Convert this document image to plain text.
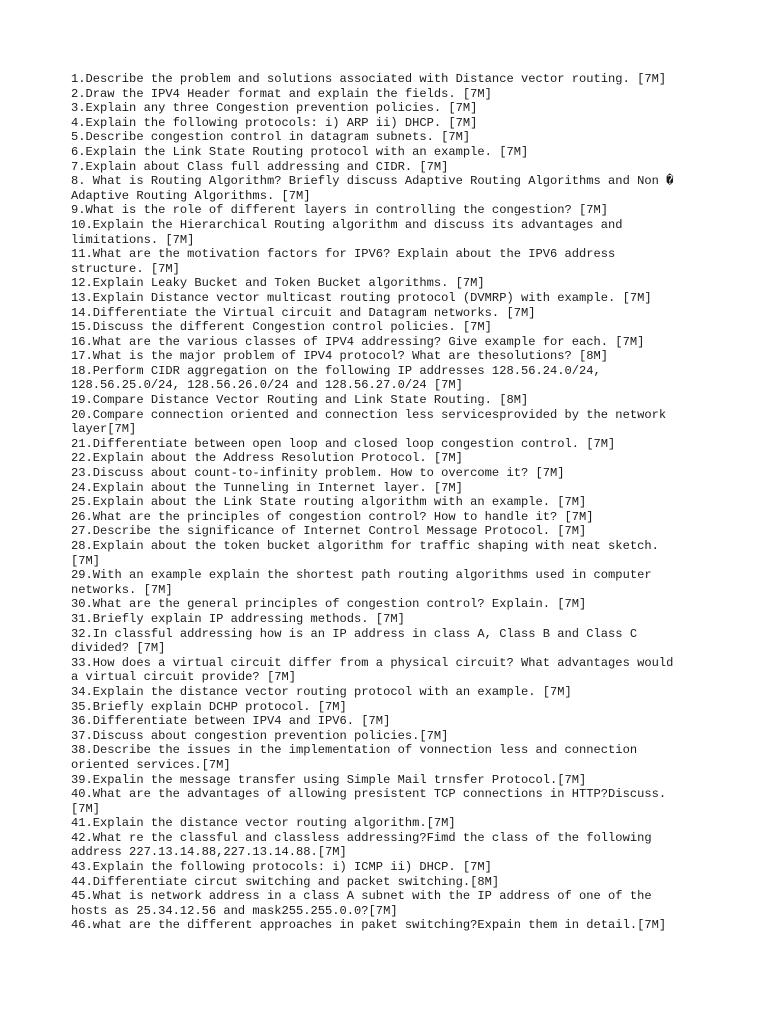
1.Describe the problem and solutions associated with Distance vector routing. [7M]
2.Draw the IPV4 Header format and explain the fields. [7M]
3.Explain any three Congestion prevention policies. [7M]
4.Explain the following protocols: i) ARP ii) DHCP. [7M]
5.Describe congestion control in datagram subnets. [7M]
6.Explain the Link State Routing protocol with an example. [7M]
7.Explain about Class full addressing and CIDR. [7M]
8. What is Routing Algorithm? Briefly discuss Adaptive Routing Algorithms and Non �
Adaptive Routing Algorithms. [7M]
9.What is the role of different layers in controlling the congestion? [7M]
10.Explain the Hierarchical Routing algorithm and discuss its advantages and
limitations. [7M]
11.What are the motivation factors for IPV6? Explain about the IPV6 address
structure. [7M]
12.Explain Leaky Bucket and Token Bucket algorithms. [7M]
13.Explain Distance vector multicast routing protocol (DVMRP) with example. [7M]
14.Differentiate the Virtual circuit and Datagram networks. [7M]
15.Discuss the different Congestion control policies. [7M]
16.What are the various classes of IPV4 addressing? Give example for each. [7M]
17.What is the major problem of IPV4 protocol? What are thesolutions? [8M]
18.Perform CIDR aggregation on the following IP addresses 128.56.24.0/24,
128.56.25.0/24, 128.56.26.0/24 and 128.56.27.0/24 [7M]
19.Compare Distance Vector Routing and Link State Routing. [8M]
20.Compare connection oriented and connection less servicesprovided by the network
layer[7M]
21.Differentiate between open loop and closed loop congestion control. [7M]
22.Explain about the Address Resolution Protocol. [7M]
23.Discuss about count-to-infinity problem. How to overcome it? [7M]
24.Explain about the Tunneling in Internet layer. [7M]
25.Explain about the Link State routing algorithm with an example. [7M]
26.What are the principles of congestion control? How to handle it? [7M]
27.Describe the significance of Internet Control Message Protocol. [7M]
28.Explain about the token bucket algorithm for traffic shaping with neat sketch.
[7M]
29.With an example explain the shortest path routing algorithms used in computer
networks. [7M]
30.What are the general principles of congestion control? Explain. [7M]
31.Briefly explain IP addressing methods. [7M]
32.In classful addressing how is an IP address in class A, Class B and Class C
divided? [7M]
33.How does a virtual circuit differ from a physical circuit? What advantages would
a virtual circuit provide? [7M]
34.Explain the distance vector routing protocol with an example. [7M]
35.Briefly explain DCHP protocol. [7M]
36.Differentiate between IPV4 and IPV6. [7M]
37.Discuss about congestion prevention policies.[7M]
38.Describe the issues in the implementation of vonnection less and connection
oriented services.[7M]
39.Expalin the message transfer using Simple Mail trnsfer Protocol.[7M]
40.What are the advantages of allowing presistent TCP connections in HTTP?Discuss.
[7M]
41.Explain the distance vector routing algorithm.[7M]
42.What re the classful and classless addressing?Fimd the class of the following
address 227.13.14.88,227.13.14.88.[7M]
43.Explain the following protocols: i) ICMP ii) DHCP. [7M]
44.Differentiate circut switching and packet switching.[8M]
45.What is network address in a class A subnet with the IP address of one of the
hosts as 25.34.12.56 and mask255.255.0.0?[7M]
46.what are the different approaches in paket switching?Expain them in detail.[7M]
